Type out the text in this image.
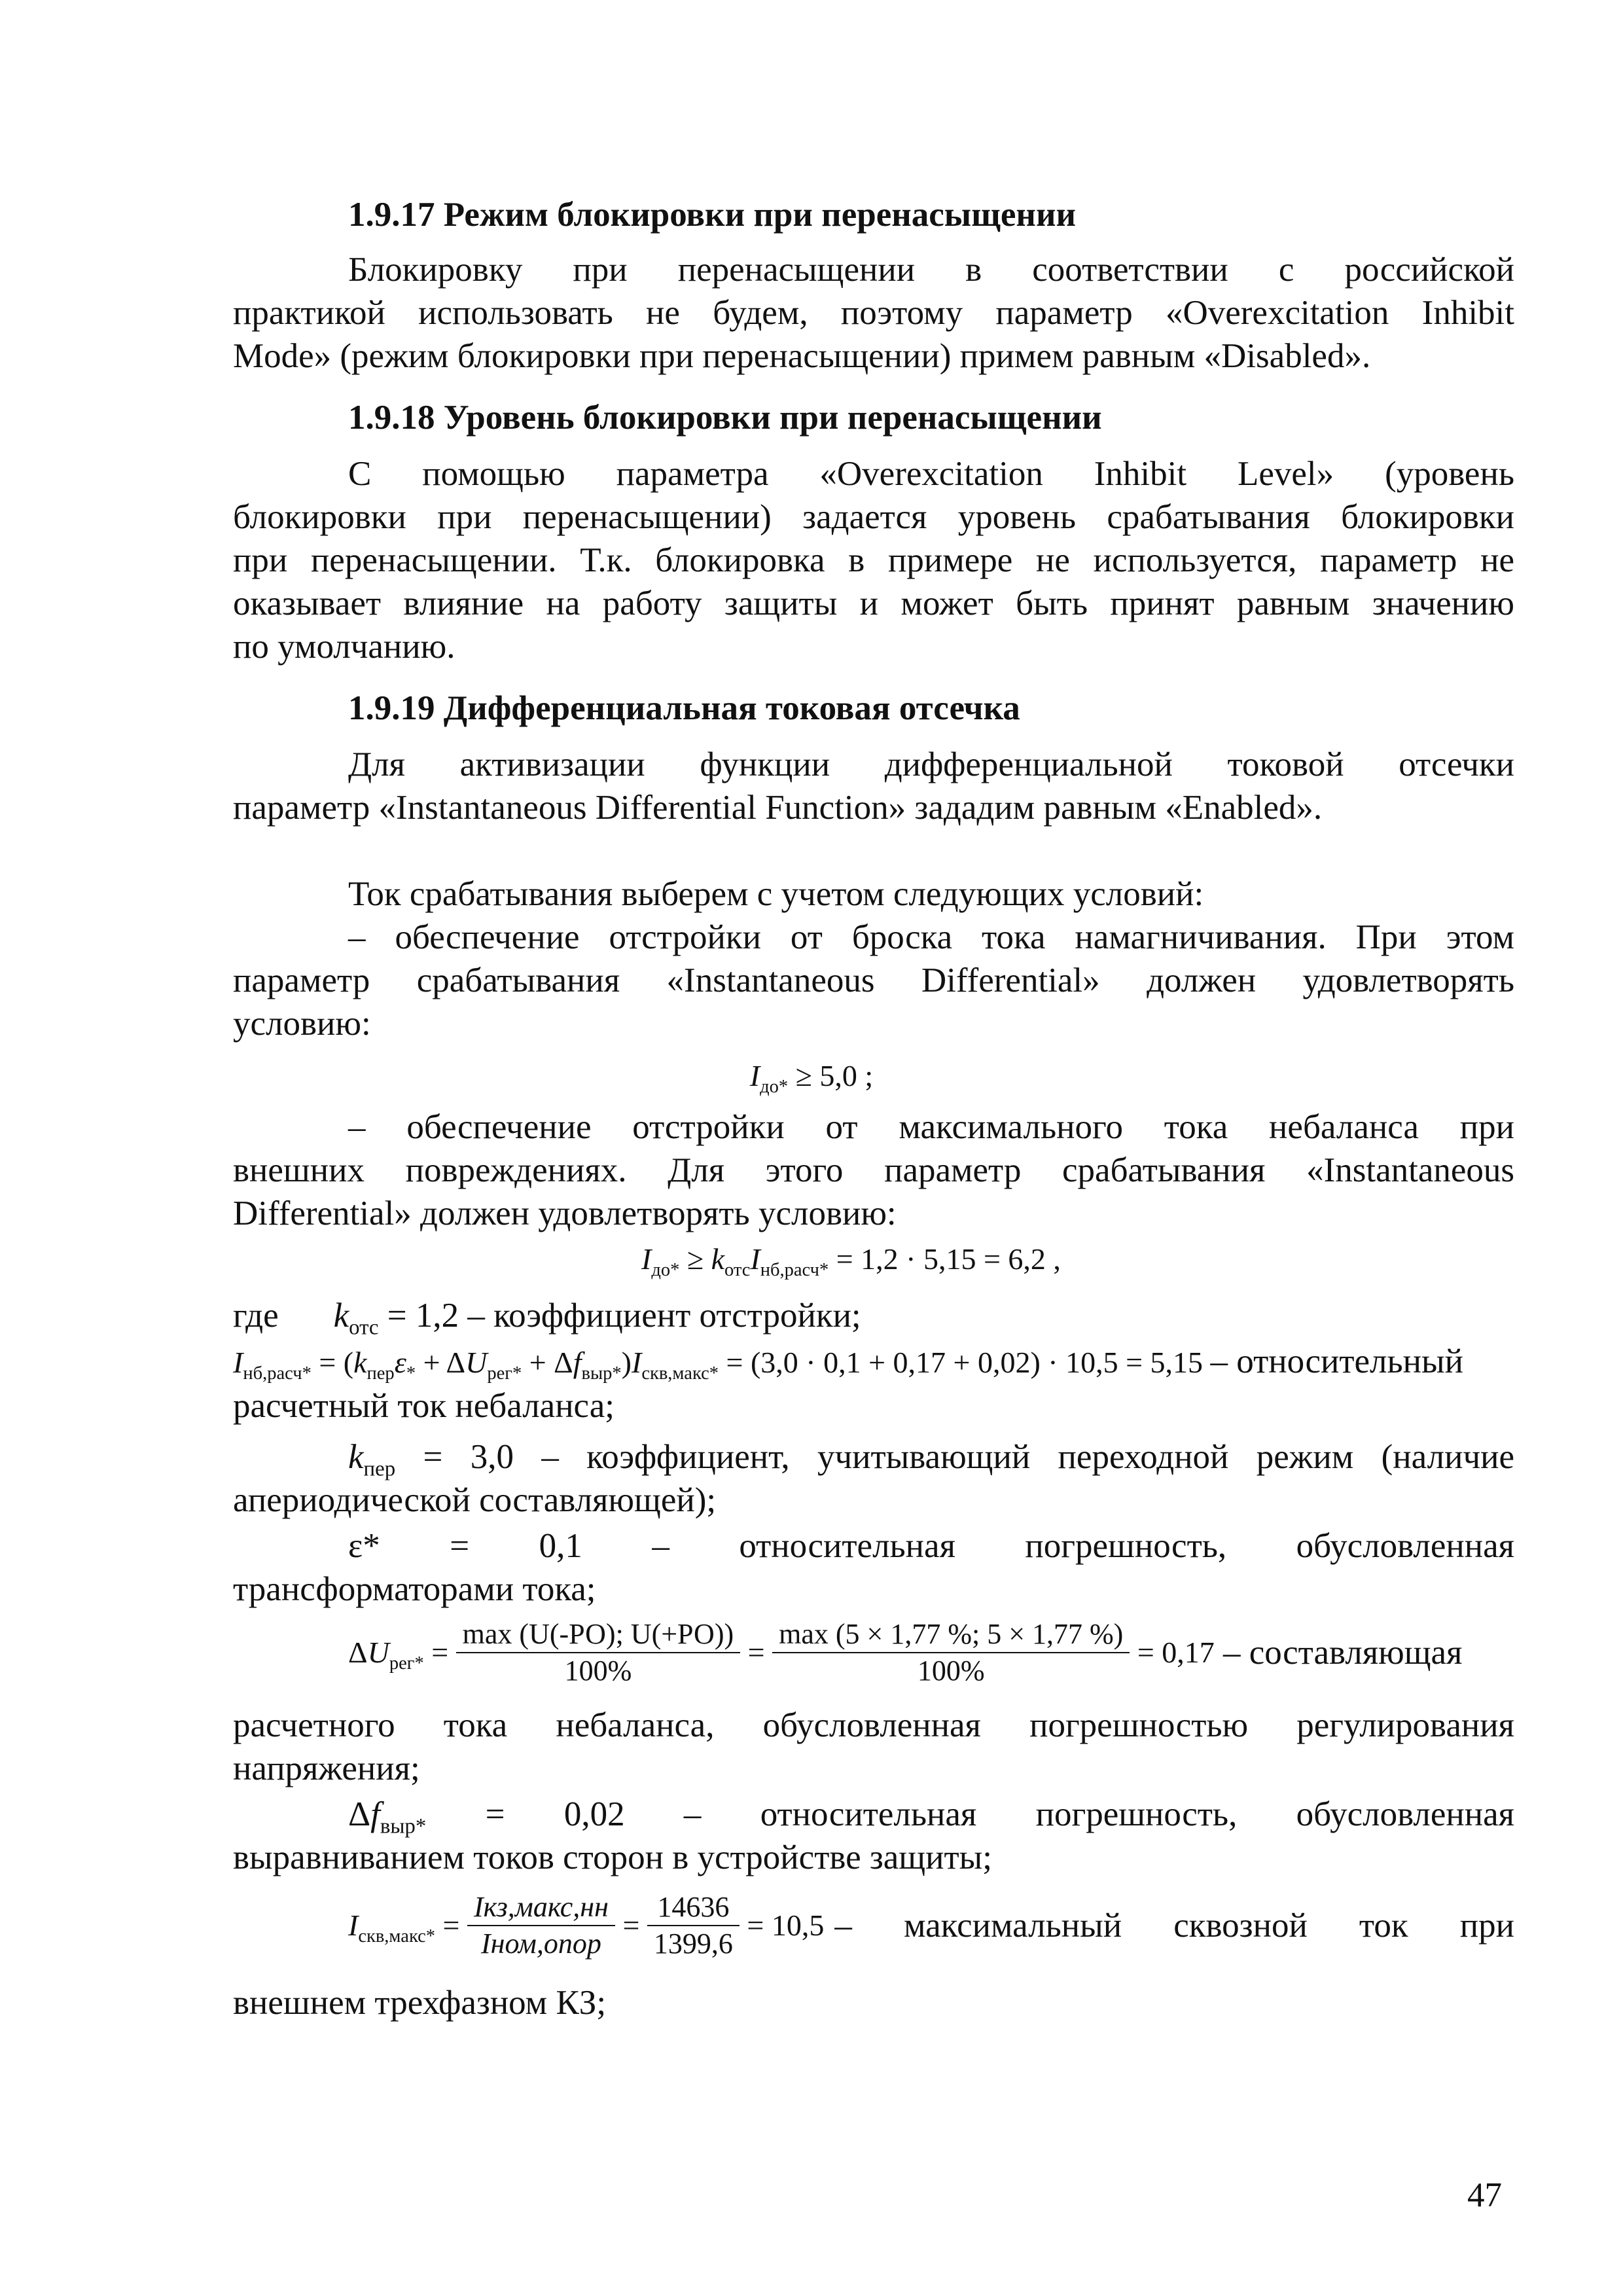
1.9.17 Режим блокировки при перенасыщении
Блокировку при перенасыщении в соответствии с российской
практикой использовать не будем, поэтому параметр «Overexcitation Inhibit
Mode» (режим блокировки при перенасыщении) примем равным «Disabled».
1.9.18 Уровень блокировки при перенасыщении
С помощью параметра «Overexcitation Inhibit Level» (уровень
блокировки при перенасыщении) задается уровень срабатывания блокировки
при перенасыщении. Т.к. блокировка в примере не используется, параметр не
оказывает влияние на работу защиты и может быть принят равным значению
по умолчанию.
1.9.19 Дифференциальная токовая отсечка
Для активизации функции дифференциальной токовой отсечки
параметр «Instantaneous Differential Function» зададим равным «Enabled».
Ток срабатывания выберем с учетом следующих условий:
– обеспечение отстройки от броска тока намагничивания. При этом
параметр срабатывания «Instantaneous Differential» должен удовлетворять
условию:
$I_{до*} \ge 5,0$ ;
– обеспечение отстройки от максимального тока небаланса при
внешних повреждениях. Для этого параметр срабатывания «Instantaneous
Differential» должен удовлетворять условию:
$I_{до*} \ge k_{отс}I_{нб,расч*} = 1,2 \cdot 5,15 = 6,2$ ,
где $k_{отс} = 1,2$ – коэффициент отстройки;
$I_{нб,расч*} = (k_{пер}\varepsilon_* + \Delta U_{рег*} + \Delta f_{выр*})I_{скв,макс*} = (3,0 \cdot 0,1 + 0,17 + 0,02) \cdot 10,5 = 5,15$ – относительный
расчетный ток небаланса;
$k_{пер} = 3,0$ – коэффициент, учитывающий переходной режим (наличие
апериодической составляющей);
ε* = 0,1 – относительная погрешность, обусловленная
трансформаторами тока;
$\Delta U_{рег*} = \frac{\max (U(-РО); U(+РО))}{100\%} = \frac{\max (5 \times 1,77 \%; 5 \times 1,77 \%)}{100\%}$
= 0,17
– составляющая
расчетного тока небаланса, обусловленная погрешностью регулирования
напряжения;
$\Delta f_{выр*} = 0,02$ – относительная погрешность, обусловленная
выравниванием токов сторон в устройстве защиты;
$I_{скв,макс*} = \frac{\text{Iкз,макс,нн}}{\text{Iном,опор}} = \frac{14636}{1399,6}$
= 10,5 – максимальный сквозной ток при
внешнем трехфазном КЗ;
47
